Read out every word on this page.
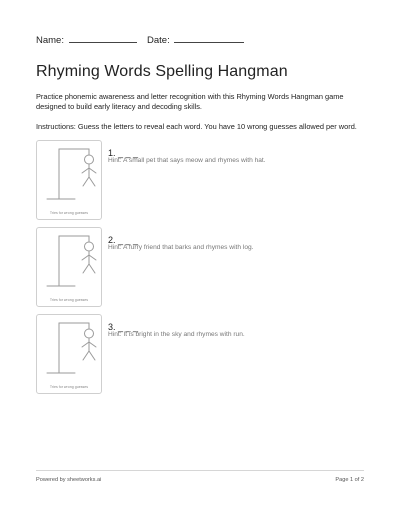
Name:	Date:
Rhyming Words Spelling Hangman

Practice phonemic awareness and letter recognition with this Rhyming Words Hangman game designed to build early literacy and decoding skills.

Instructions: Guess the letters to reveal each word. You have 10 wrong guesses allowed per word.

Tries for wrong guesses
1. _ _ _
Hint: A small pet that says meow and rhymes with hat.
Tries for wrong guesses
2. _ _ _
Hint: A furry friend that barks and rhymes with log.
Tries for wrong guesses
3. _ _ _
Hint: It is bright in the sky and rhymes with run.
Powered by sheetworks.ai	Page 1 of 2
